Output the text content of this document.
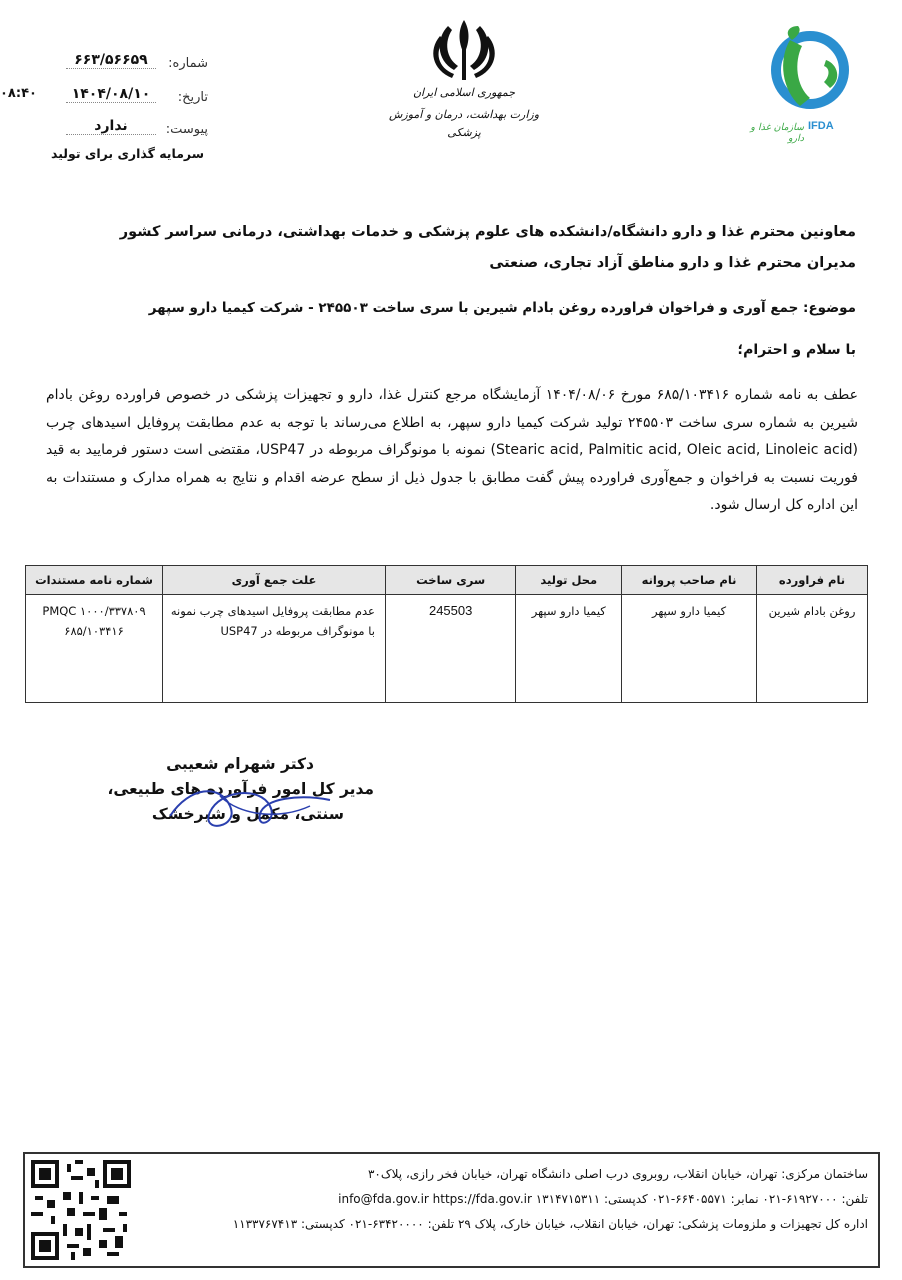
شماره:
۶۶۳/۵۶۶۵۹
تاریخ:
۱۴۰۴/۰۸/۱۰
۰۸:۴۰
پیوست:
ندارد
سرمایه گذاری برای تولید
جمهوری اسلامی ایران
وزارت بهداشت، درمان و آموزش پزشکی	IFDA
سازمان غذا و دارو
معاونین محترم غذا و دارو دانشگاه/دانشکده های علوم پزشکی و خدمات بهداشتی، درمانی سراسر کشور
مدیران محترم غذا و دارو مناطق آزاد تجاری، صنعتی
موضوع: جمع آوری و فراخوان فراورده روغن بادام شیرین با سری ساخت ۲۴۵۵۰۳ - شرکت کیمیا دارو سپهر
با سلام و احترام؛
عطف به نامه شماره ۶۸۵/۱۰۳۴۱۶ مورخ ۱۴۰۴/۰۸/۰۶ آزمایشگاه مرجع کنترل غذا، دارو و تجهیزات پزشکی در خصوص فراورده روغن بادام شیرین به شماره سری ساخت ۲۴۵۵۰۳ تولید شرکت کیمیا دارو سپهر، به اطلاع می‌رساند با توجه به عدم مطابقت پروفایل اسیدهای چرب (Stearic acid, Palmitic acid, Oleic acid, Linoleic acid) نمونه با مونوگراف مربوطه در USP47، مقتضی است دستور فرمایید به قید فوریت نسبت به فراخوان و جمع‌آوری فراورده پیش گفت مطابق با جدول ذیل از سطح عرضه اقدام و نتایج به همراه مدارک و مستندات به این اداره کل ارسال شود.
نام فراورده	نام صاحب پروانه	محل تولید	سری ساخت	علت جمع آوری	شماره نامه مستندات
روغن بادام شیرین	کیمیا دارو سپهر	کیمیا دارو سپهر	245503	عدم مطابقت پروفایل اسیدهای چرب نمونه با مونوگراف مربوطه در USP47	PMQC ۱۰۰۰/۳۳۷۸۰۹ ۶۸۵/۱۰۳۴۱۶
دکتر شهرام شعیبی
مدیر کل امور فرآورده های طبیعی،
سنتی، مکمل و شیرخشک
ساختمان مرکزی: تهران، خیابان انقلاب، روبروی درب اصلی دانشگاه تهران، خیابان فخر رازی، پلاک۳۰
تلفن: ۶۱۹۲۷۰۰۰-۰۲۱ نمابر: ۶۶۴۰۵۵۷۱-۰۲۱ کدپستی: ۱۳۱۴۷۱۵۳۱۱ info@fda.gov.ir https://fda.gov.ir
اداره کل تجهیزات و ملزومات پزشکی: تهران، خیابان انقلاب، خیابان خارک، پلاک ۲۹ تلفن: ۶۳۴۲۰۰۰۰-۰۲۱ کدپستی: ۱۱۳۳۷۶۷۴۱۳
